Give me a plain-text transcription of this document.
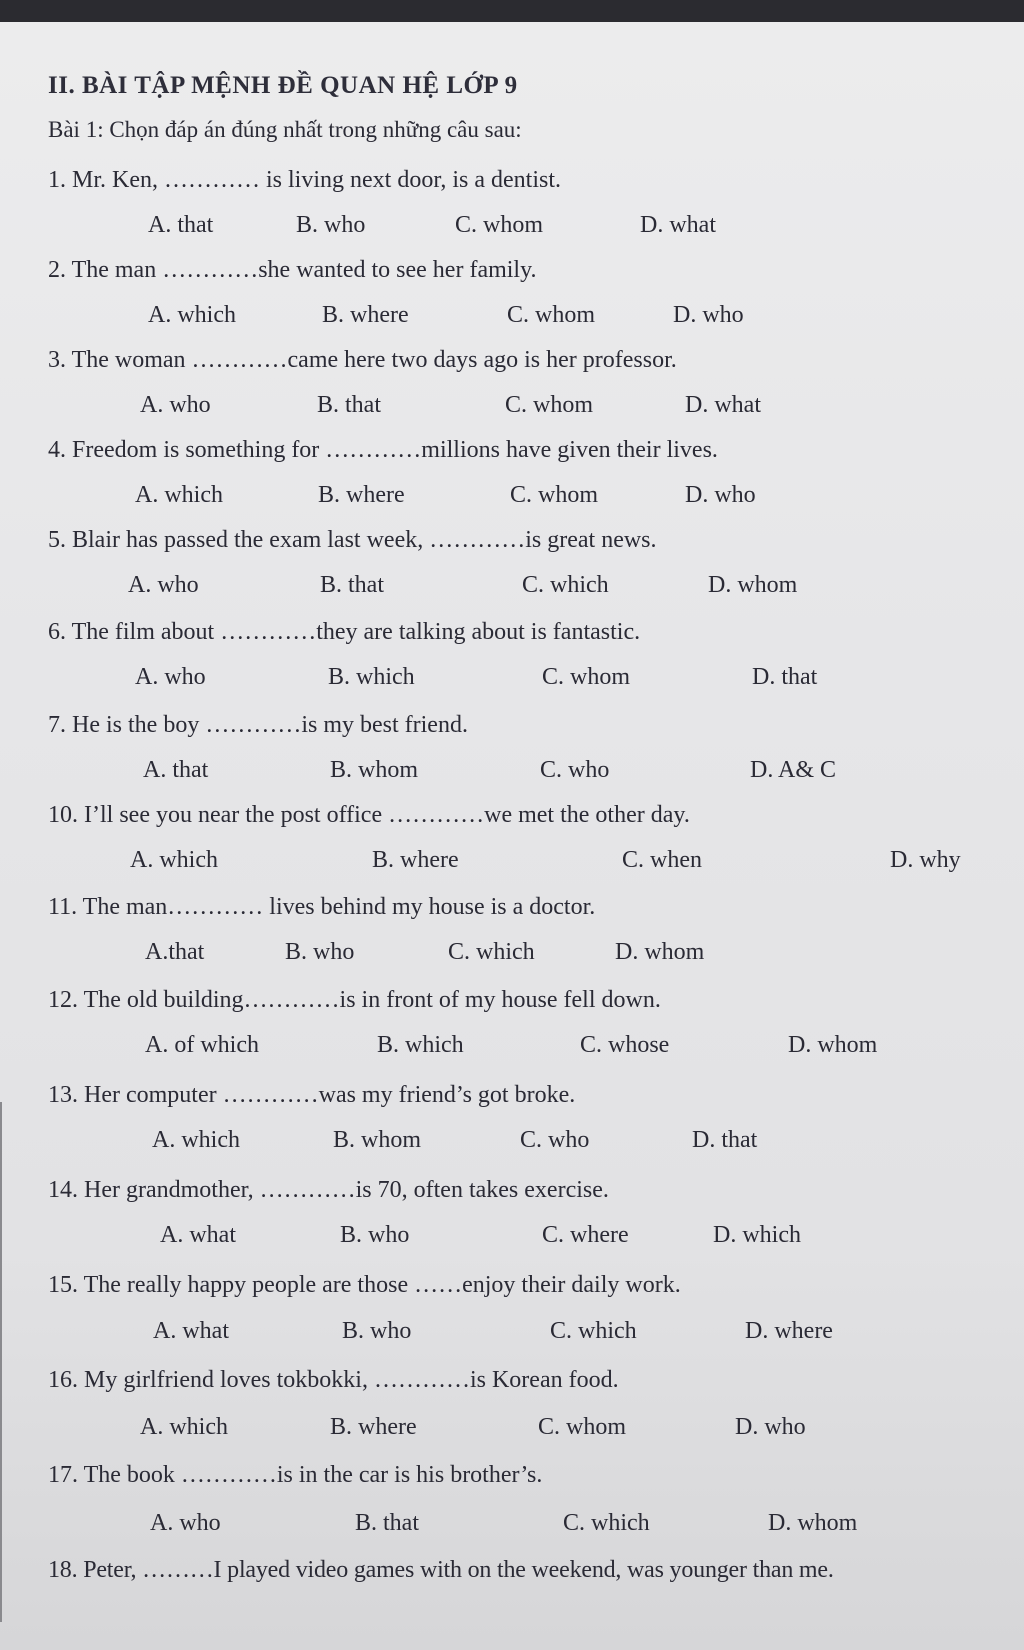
II. BÀI TẬP MỆNH ĐỀ QUAN HỆ LỚP 9
Bài 1: Chọn đáp án đúng nhất trong những câu sau:
1. Mr. Ken, ………… is living next door, is a dentist.
A. that	B. who	C. whom	D. what
2. The man …………she wanted to see her family.
A. which	B. where	C. whom	D. who
3. The woman …………came here two days ago is her professor.
A. who	B. that	C. whom	D. what
4. Freedom is something for …………millions have given their lives.
A. which	B. where	C. whom	D. who
5. Blair has passed the exam last week, …………is great news.
A. who	B. that	C. which	D. whom
6. The film about …………they are talking about is fantastic.
A. who	B. which	C. whom	D. that
7. He is the boy …………is my best friend.
A. that	B. whom	C. who	D. A& C
10. I’ll see you near the post office …………we met the other day.
A. which	B. where	C. when	D. why
11. The man………… lives behind my house is a doctor.
A.that	B. who	C. which	D. whom
12. The old building…………is in front of my house fell down.
A. of which	B. which	C. whose	D. whom
13. Her computer …………was my friend’s got broke.
A. which	B. whom	C. who	D. that
14. Her grandmother, …………is 70, often takes exercise.
A. what	B. who	C. where	D. which
15. The really happy people are those ……enjoy their daily work.
A. what	B. who	C. which	D. where
16. My girlfriend loves tokbokki, …………is Korean food.
A. which	B. where	C. whom	D. who
17. The book …………is in the car is his brother’s.
A. who	B. that	C. which	D. whom
18. Peter, ………I played video games with on the weekend, was younger than me.
